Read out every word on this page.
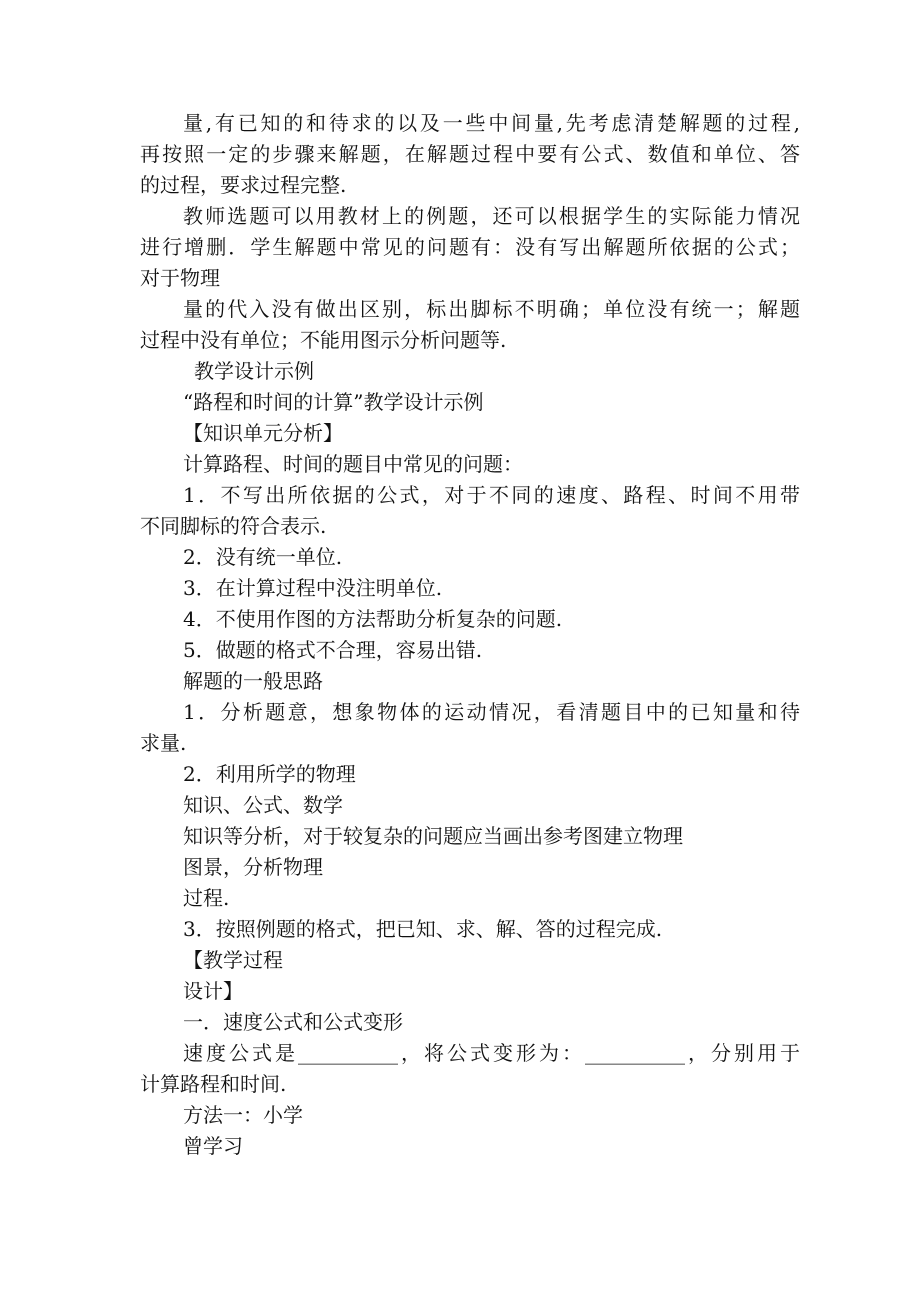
量,有已知的和待求的以及一些中间量,先考虑清楚解题的过程,
再按照一定的步骤来解题，在解题过程中要有公式、数值和单位、答
的过程，要求过程完整.
教师选题可以用教材上的例题，还可以根据学生的实际能力情况
进行增删．学生解题中常见的问题有：没有写出解题所依据的公式；
对于物理
量的代入没有做出区别，标出脚标不明确；单位没有统一；解题
过程中没有单位；不能用图示分析问题等.
教学设计示例
“路程和时间的计算”教学设计示例
【知识单元分析】
计算路程、时间的题目中常见的问题：
1．不写出所依据的公式，对于不同的速度、路程、时间不用带
不同脚标的符合表示.
2．没有统一单位.
3．在计算过程中没注明单位.
4．不使用作图的方法帮助分析复杂的问题.
5．做题的格式不合理，容易出错.
解题的一般思路
1．分析题意，想象物体的运动情况，看清题目中的已知量和待
求量.
2．利用所学的物理
知识、公式、数学
知识等分析，对于较复杂的问题应当画出参考图建立物理
图景，分析物理
过程.
3．按照例题的格式，把已知、求、解、答的过程完成.
【教学过程
设计】
一．速度公式和公式变形
速度公式是__________，将公式变形为：__________，分别用于
计算路程和时间.
方法一：小学
曾学习
